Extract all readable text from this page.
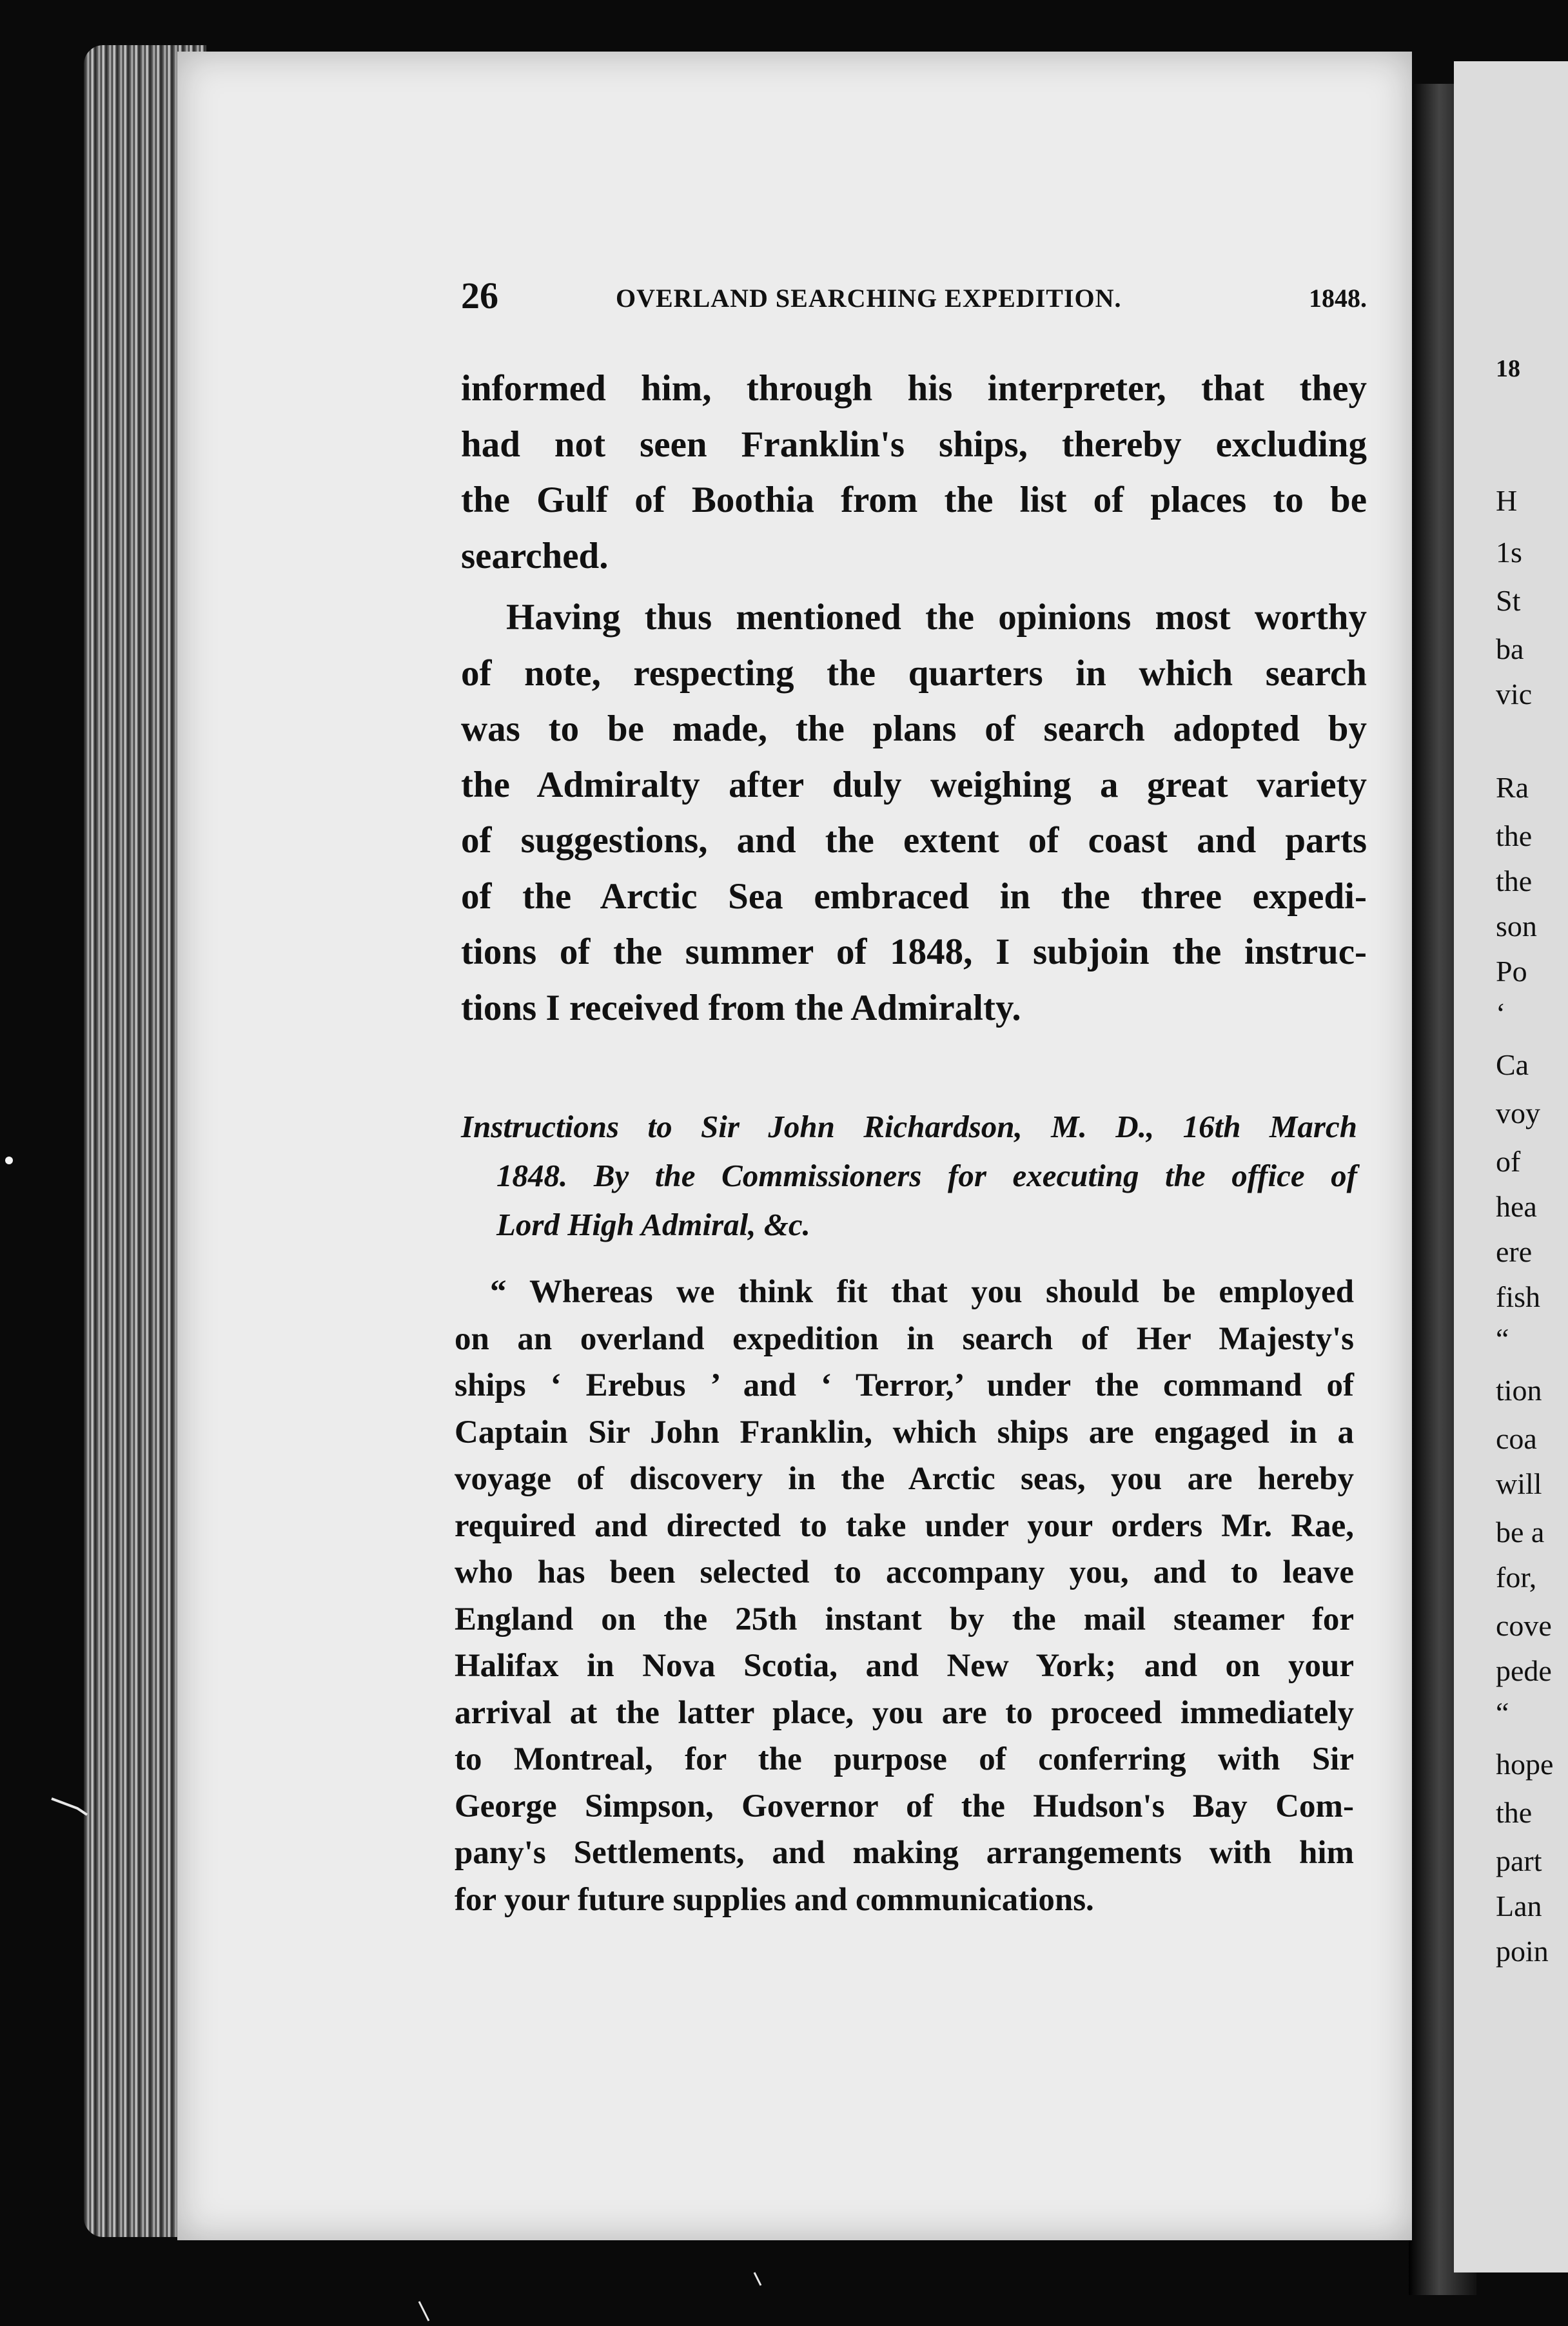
18
H
1s
St
ba
vic
Ra
the
the
son
Po
‘
Ca
voy
of
hea
ere
fish
“
tion
coa
will
be a
for,
cove
pede
“
hope
the
part
Lan
poin
26	OVERLAND SEARCHING EXPEDITION.	1848.
informed him, through his interpreter, that they
had not seen Franklin's ships, thereby excluding
the Gulf of Boothia from the list of places to be
searched.
Having thus mentioned the opinions most worthy
of note, respecting the quarters in which search
was to be made, the plans of search adopted by
the Admiralty after duly weighing a great variety
of suggestions, and the extent of coast and parts
of the Arctic Sea embraced in the three expedi-
tions of the summer of 1848, I subjoin the instruc-
tions I received from the Admiralty.
Instructions to Sir John Richardson, M. D., 16th March
1848. By the Commissioners for executing the office of
Lord High Admiral, &c.
“ Whereas we think fit that you should be employed
on an overland expedition in search of Her Majesty's
ships ‘ Erebus ’ and ‘ Terror,’ under the command of
Captain Sir John Franklin, which ships are engaged in a
voyage of discovery in the Arctic seas, you are hereby
required and directed to take under your orders Mr. Rae,
who has been selected to accompany you, and to leave
England on the 25th instant by the mail steamer for
Halifax in Nova Scotia, and New York; and on your
arrival at the latter place, you are to proceed immediately
to Montreal, for the purpose of conferring with Sir
George Simpson, Governor of the Hudson's Bay Com-
pany's Settlements, and making arrangements with him
for your future supplies and communications.
